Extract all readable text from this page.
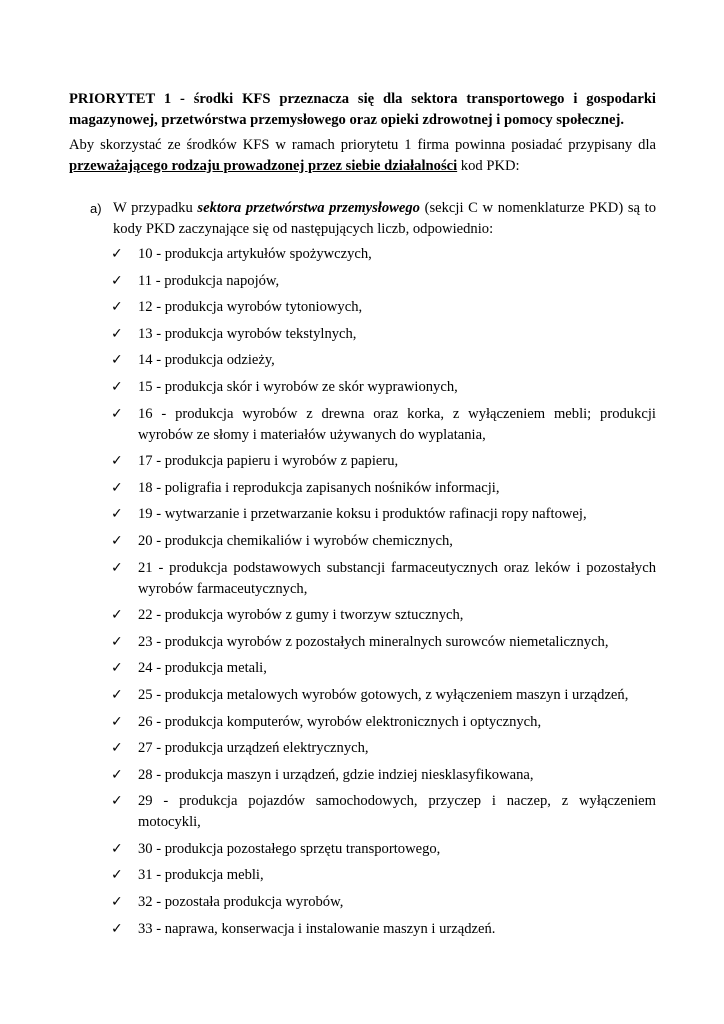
PRIORYTET 1 - środki KFS przeznacza się dla sektora transportowego i gospodarki magazynowej, przetwórstwa przemysłowego oraz opieki zdrowotnej i pomocy społecznej.
Aby skorzystać ze środków KFS w ramach priorytetu 1 firma powinna posiadać przypisany dla przeważającego rodzaju prowadzonej przez siebie działalności kod PKD:
a) W przypadku sektora przetwórstwa przemysłowego (sekcji C w nomenklaturze PKD) są to kody PKD zaczynające się od następujących liczb, odpowiednio:
✓ 10 - produkcja artykułów spożywczych,
✓ 11 - produkcja napojów,
✓ 12 - produkcja wyrobów tytoniowych,
✓ 13 - produkcja wyrobów tekstylnych,
✓ 14 - produkcja odzieży,
✓ 15 - produkcja skór i wyrobów ze skór wyprawionych,
✓ 16 - produkcja wyrobów z drewna oraz korka, z wyłączeniem mebli; produkcji wyrobów ze słomy i materiałów używanych do wyplatania,
✓ 17 - produkcja papieru i wyrobów z papieru,
✓ 18 - poligrafia i reprodukcja zapisanych nośników informacji,
✓ 19 - wytwarzanie i przetwarzanie koksu i produktów rafinacji ropy naftowej,
✓ 20 - produkcja chemikaliów i wyrobów chemicznych,
✓ 21 - produkcja podstawowych substancji farmaceutycznych oraz leków i pozostałych wyrobów farmaceutycznych,
✓ 22 - produkcja wyrobów z gumy i tworzyw sztucznych,
✓ 23 - produkcja wyrobów z pozostałych mineralnych surowców niemetalicznych,
✓ 24 - produkcja metali,
✓ 25 - produkcja metalowych wyrobów gotowych, z wyłączeniem maszyn i urządzeń,
✓ 26 - produkcja komputerów, wyrobów elektronicznych i optycznych,
✓ 27 - produkcja urządzeń elektrycznych,
✓ 28 - produkcja maszyn i urządzeń, gdzie indziej niesklasyfikowana,
✓ 29 - produkcja pojazdów samochodowych, przyczep i naczep, z wyłączeniem motocykli,
✓ 30 - produkcja pozostałego sprzętu transportowego,
✓ 31 - produkcja mebli,
✓ 32 - pozostała produkcja wyrobów,
✓ 33 - naprawa, konserwacja i instalowanie maszyn i urządzeń.
